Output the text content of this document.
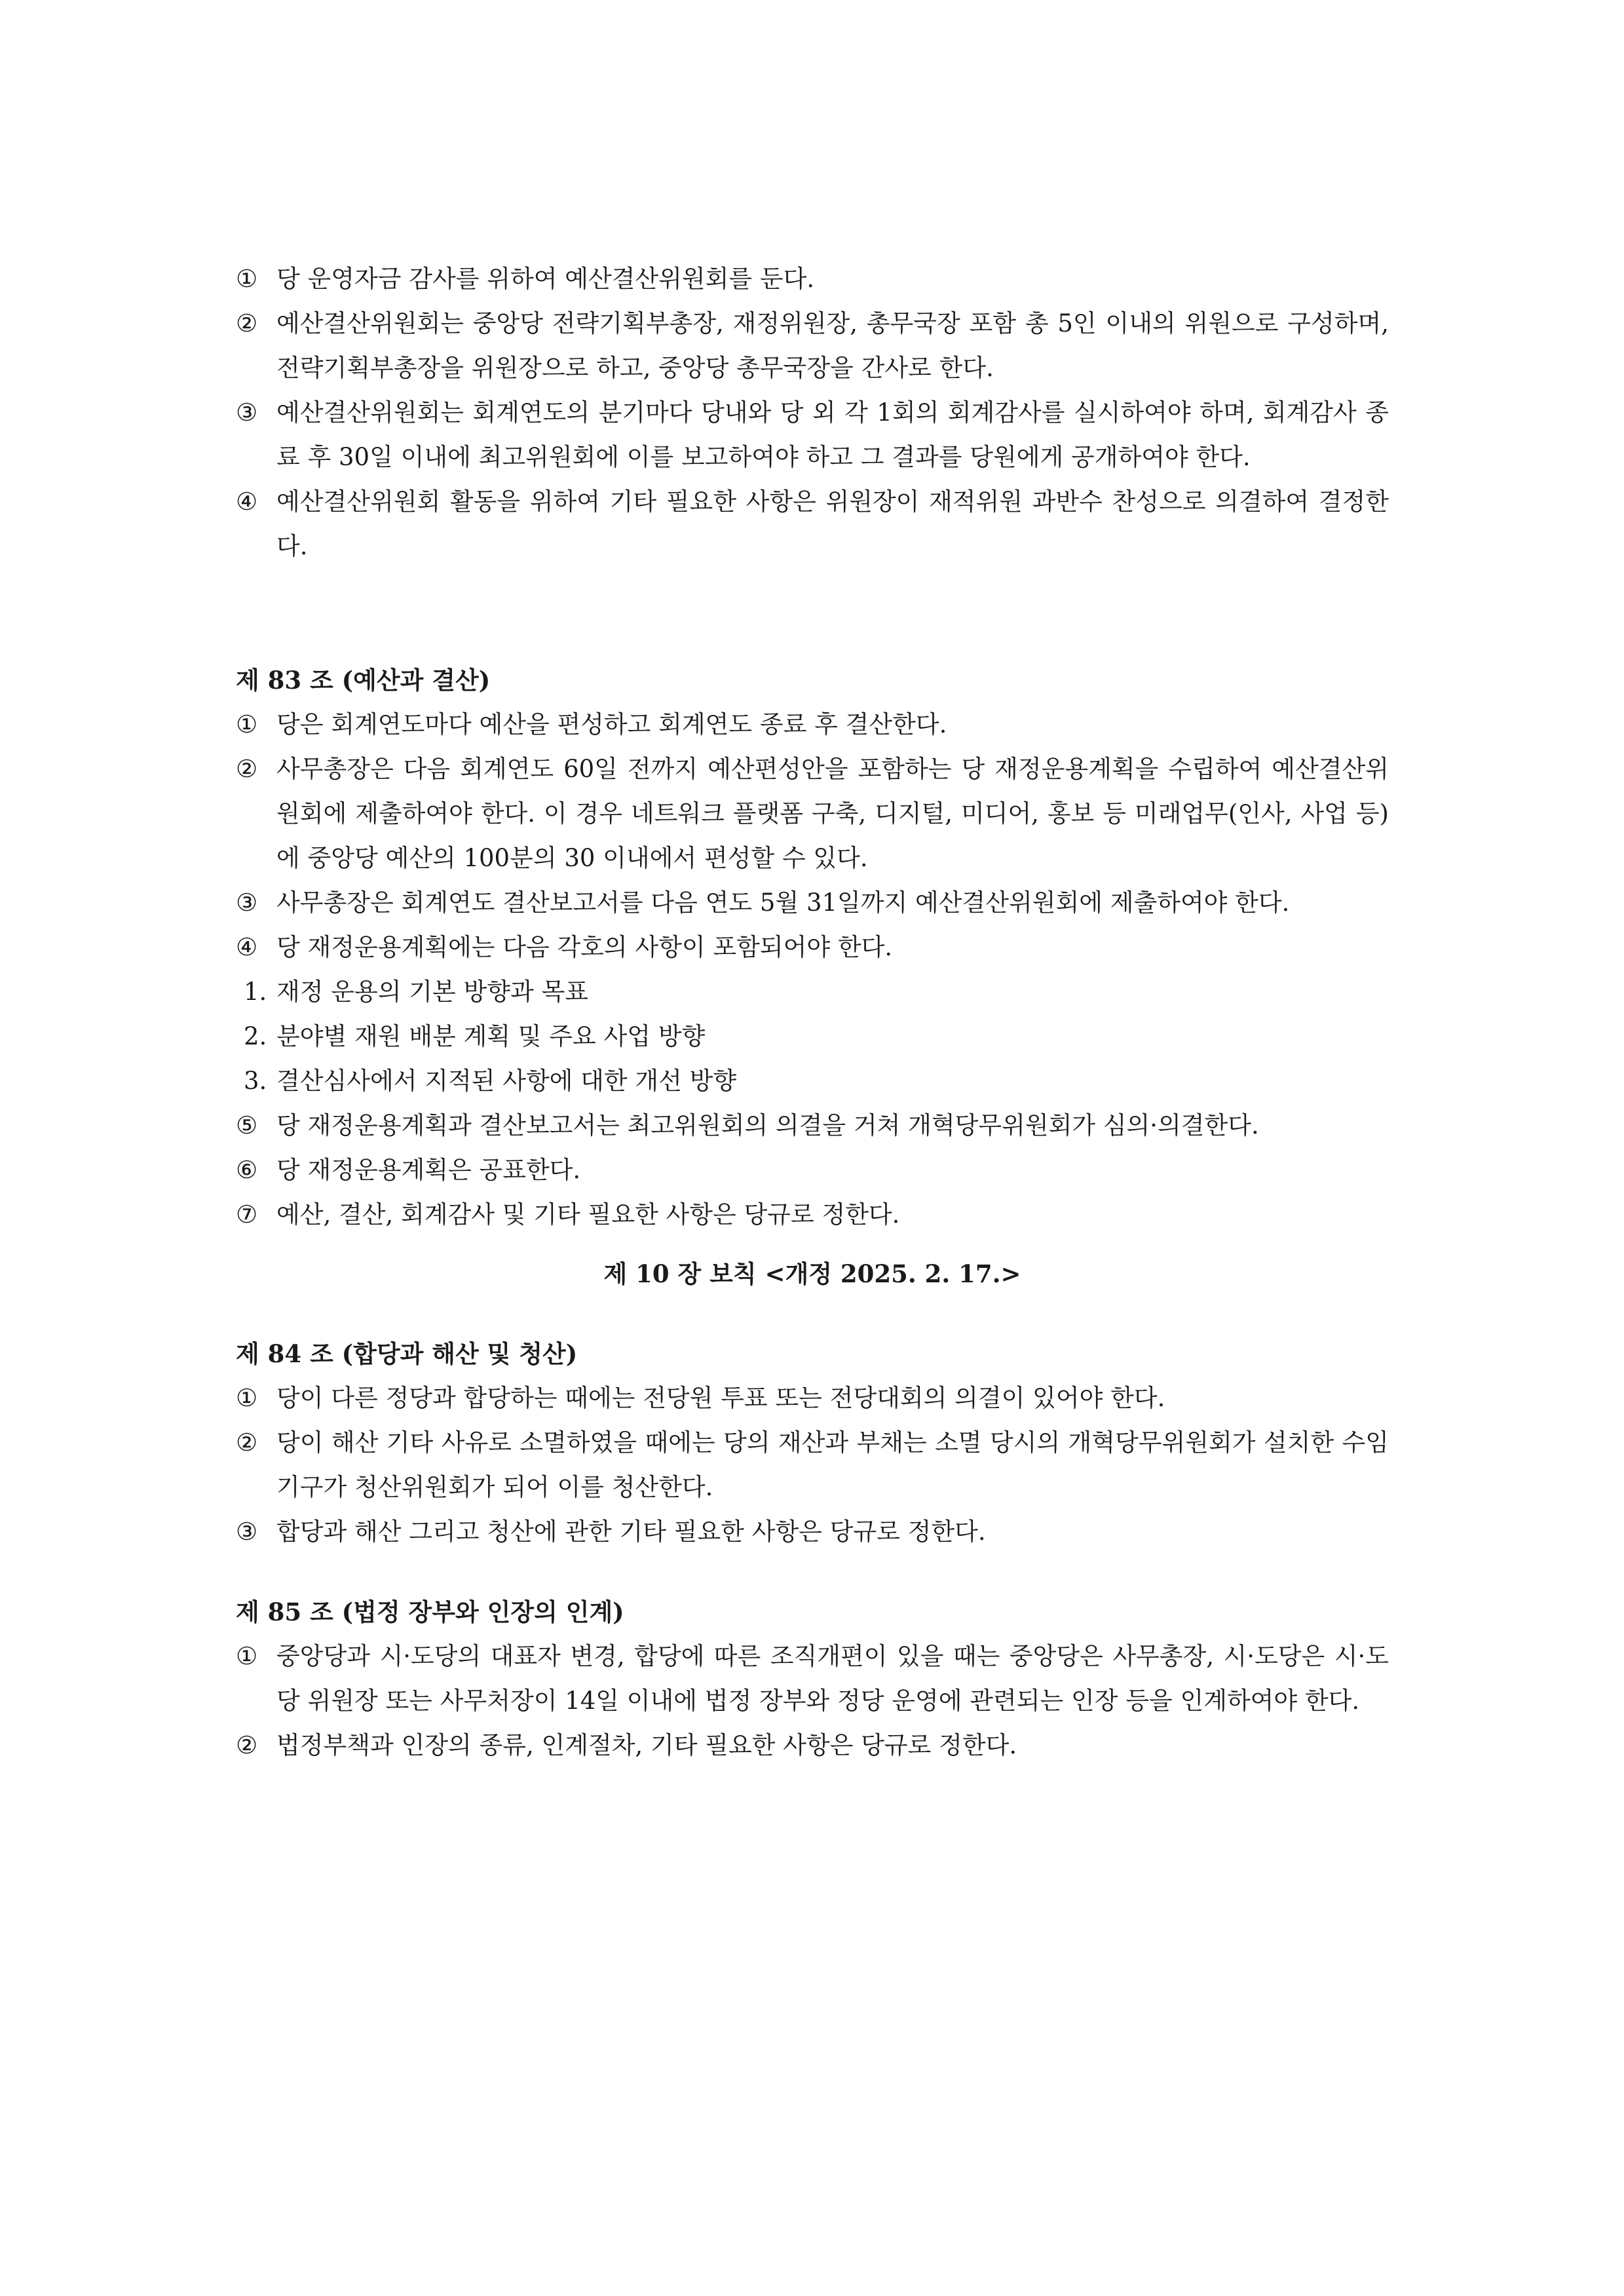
① 당 운영자금 감사를 위하여 예산결산위원회를 둔다.
② 예산결산위원회는 중앙당 전략기획부총장, 재정위원장, 총무국장 포함 총 5인 이내의 위원으로 구성하며, 전략기획부총장을 위원장으로 하고, 중앙당 총무국장을 간사로 한다.
③ 예산결산위원회는 회계연도의 분기마다 당내와 당 외 각 1회의 회계감사를 실시하여야 하며, 회계감사 종료 후 30일 이내에 최고위원회에 이를 보고하여야 하고 그 결과를 당원에게 공개하여야 한다.
④ 예산결산위원회 활동을 위하여 기타 필요한 사항은 위원장이 재적위원 과반수 찬성으로 의결하여 결정한다.
제 83 조 (예산과 결산)
① 당은 회계연도마다 예산을 편성하고 회계연도 종료 후 결산한다.
② 사무총장은 다음 회계연도 60일 전까지 예산편성안을 포함하는 당 재정운용계획을 수립하여 예산결산위원회에 제출하여야 한다. 이 경우 네트워크 플랫폼 구축, 디지털, 미디어, 홍보 등 미래업무(인사, 사업 등)에 중앙당 예산의 100분의 30 이내에서 편성할 수 있다.
③ 사무총장은 회계연도 결산보고서를 다음 연도 5월 31일까지 예산결산위원회에 제출하여야 한다.
④ 당 재정운용계획에는 다음 각호의 사항이 포함되어야 한다.
1. 재정 운용의 기본 방향과 목표
2. 분야별 재원 배분 계획 및 주요 사업 방향
3. 결산심사에서 지적된 사항에 대한 개선 방향
⑤ 당 재정운용계획과 결산보고서는 최고위원회의 의결을 거쳐 개혁당무위원회가 심의·의결한다.
⑥ 당 재정운용계획은 공표한다.
⑦ 예산, 결산, 회계감사 및 기타 필요한 사항은 당규로 정한다.
제 10 장 보칙 <개정 2025. 2. 17.>
제 84 조 (합당과 해산 및 청산)
① 당이 다른 정당과 합당하는 때에는 전당원 투표 또는 전당대회의 의결이 있어야 한다.
② 당이 해산 기타 사유로 소멸하였을 때에는 당의 재산과 부채는 소멸 당시의 개혁당무위원회가 설치한 수임기구가 청산위원회가 되어 이를 청산한다.
③ 합당과 해산 그리고 청산에 관한 기타 필요한 사항은 당규로 정한다.
제 85 조 (법정 장부와 인장의 인계)
① 중앙당과 시·도당의 대표자 변경, 합당에 따른 조직개편이 있을 때는 중앙당은 사무총장, 시·도당은 시·도당 위원장 또는 사무처장이 14일 이내에 법정 장부와 정당 운영에 관련되는 인장 등을 인계하여야 한다.
② 법정부책과 인장의 종류, 인계절차, 기타 필요한 사항은 당규로 정한다.
